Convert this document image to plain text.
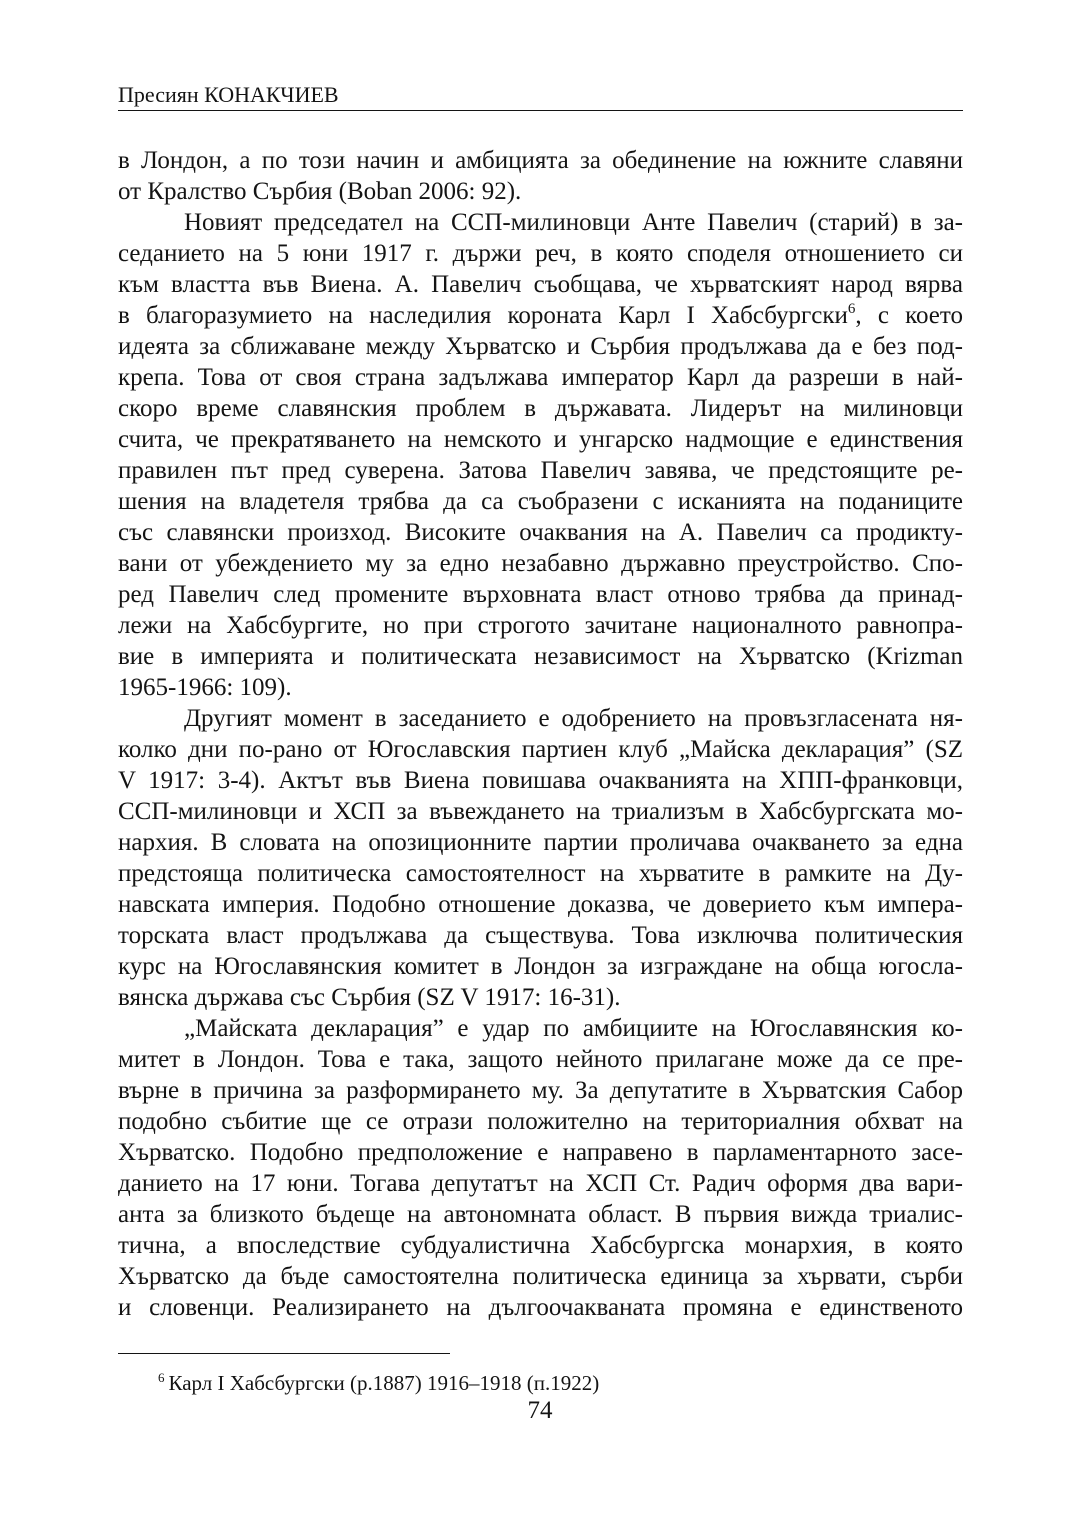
Пресиян КОНАКЧИЕВ
в Лондон, а по този начин и амбицията за обединение на южните славяни
от Кралство Сърбия (Boban 2006: 92).
Новият председател на ССП-милиновци Анте Павелич (старий) в за-
седанието на 5 юни 1917 г. държи реч, в която споделя отношението си
към властта във Виена. А. Павелич съобщава, че хърватският народ вярва
в благоразумието на наследилия короната Карл I Хабсбургски$^6$, с което
идеята за сближаване между Хърватско и Сърбия продължава да е без под-
крепа. Това от своя страна задължава император Карл да разреши в най-
скоро време славянския проблем в държавата. Лидерът на милиновци
счита, че прекратяването на немското и унгарско надмощие е единствения
правилен път пред суверена. Затова Павелич завява, че предстоящите ре-
шения на владетеля трябва да са съобразени с исканията на поданиците
със славянски произход. Високите очаквания на А. Павелич са продикту-
вани от убеждението му за едно незабавно държавно преустройство. Спо-
ред Павелич след промените върховната власт отново трябва да принад-
лежи на Хабсбургите, но при строгото зачитане националното равнопра-
вие в империята и политическата независимост на Хърватско (Krizman
1965-1966: 109).
Другият момент в заседанието е одобрението на провъзгласената ня-
колко дни по-рано от Югославския партиен клуб „Майска декларация” (SZ
V 1917: 3-4). Актът във Виена повишава очакванията на ХПП-франковци,
ССП-милиновци и ХСП за въвеждането на триализъм в Хабсбургската мо-
нархия. В словата на опозиционните партии проличава очакването за една
предстояща политическа самостоятелност на хърватите в рамките на Ду-
навската империя. Подобно отношение доказва, че доверието към импера-
торската власт продължава да съществува. Това изключва политическия
курс на Югославянския комитет в Лондон за изграждане на обща югосла-
вянска държава със Сърбия (SZ V 1917: 16-31).
„Майската декларация” е удар по амбициите на Югославянския ко-
митет в Лондон. Това е така, защото нейното прилагане може да се пре-
върне в причина за разформирането му. За депутатите в Хърватския Сабор
подобно събитие ще се отрази положително на териториалния обхват на
Хърватско. Подобно предположение е направено в парламентарното засе-
данието на 17 юни. Тогава депутатът на ХСП Ст. Радич оформя два вари-
анта за близкото бъдеще на автономната област. В първия вижда триалис-
тична, а впоследствие субдуалистична Хабсбургска монархия, в която
Хърватско да бъде самостоятелна политическа единица за хървати, сърби
и словенци. Реализирането на дългоочакваната промяна е единственото
$^6$ Карл I Хабсбургски (р.1887) 1916–1918 (п.1922)
74
